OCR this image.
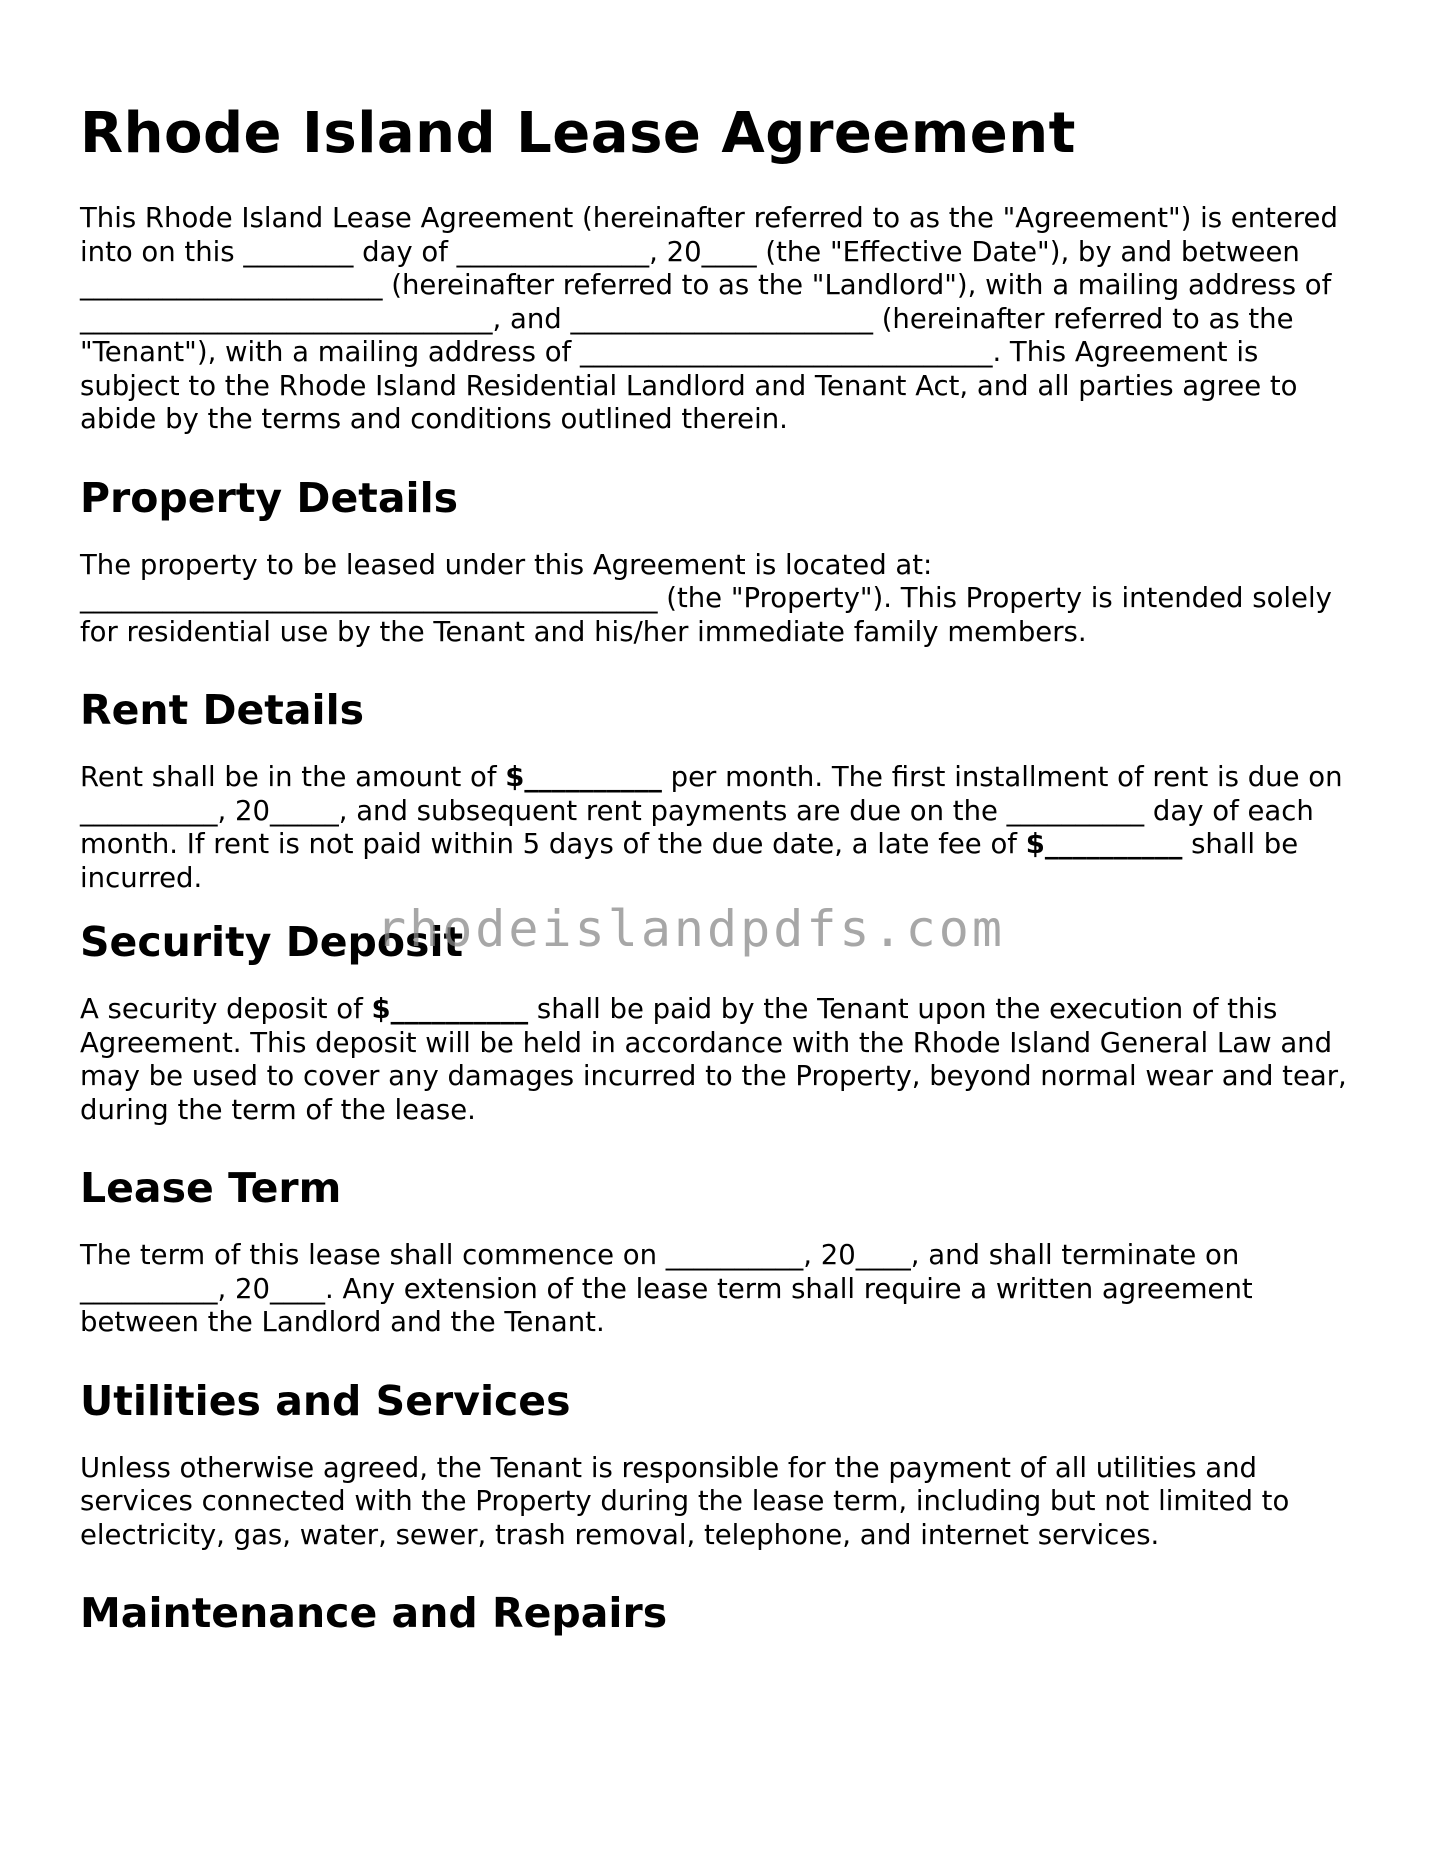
Rhode Island Lease Agreement

This Rhode Island Lease Agreement (hereinafter referred to as the "Agreement") is entered into on this ________ day of ______________, 20____ (the "Effective Date"), by and between ______________________ (hereinafter referred to as the "Landlord"), with a mailing address of ______________________________, and ______________________ (hereinafter referred to as the "Tenant"), with a mailing address of ______________________________. This Agreement is subject to the Rhode Island Residential Landlord and Tenant Act, and all parties agree to abide by the terms and conditions outlined therein.

Property Details

The property to be leased under this Agreement is located at: __________________________________________ (the "Property"). This Property is intended solely for residential use by the Tenant and his/her immediate family members.

Rent Details

Rent shall be in the amount of $__________ per month. The first installment of rent is due on __________, 20_____, and subsequent rent payments are due on the __________ day of each month. If rent is not paid within 5 days of the due date, a late fee of $__________ shall be incurred.

Security Deposit

A security deposit of $__________ shall be paid by the Tenant upon the execution of this Agreement. This deposit will be held in accordance with the Rhode Island General Law and may be used to cover any damages incurred to the Property, beyond normal wear and tear, during the term of the lease.

Lease Term

The term of this lease shall commence on __________, 20____, and shall terminate on __________, 20____. Any extension of the lease term shall require a written agreement between the Landlord and the Tenant.

Utilities and Services

Unless otherwise agreed, the Tenant is responsible for the payment of all utilities and services connected with the Property during the lease term, including but not limited to electricity, gas, water, sewer, trash removal, telephone, and internet services.

Maintenance and Repairs
rhodeislandpdfs.com
